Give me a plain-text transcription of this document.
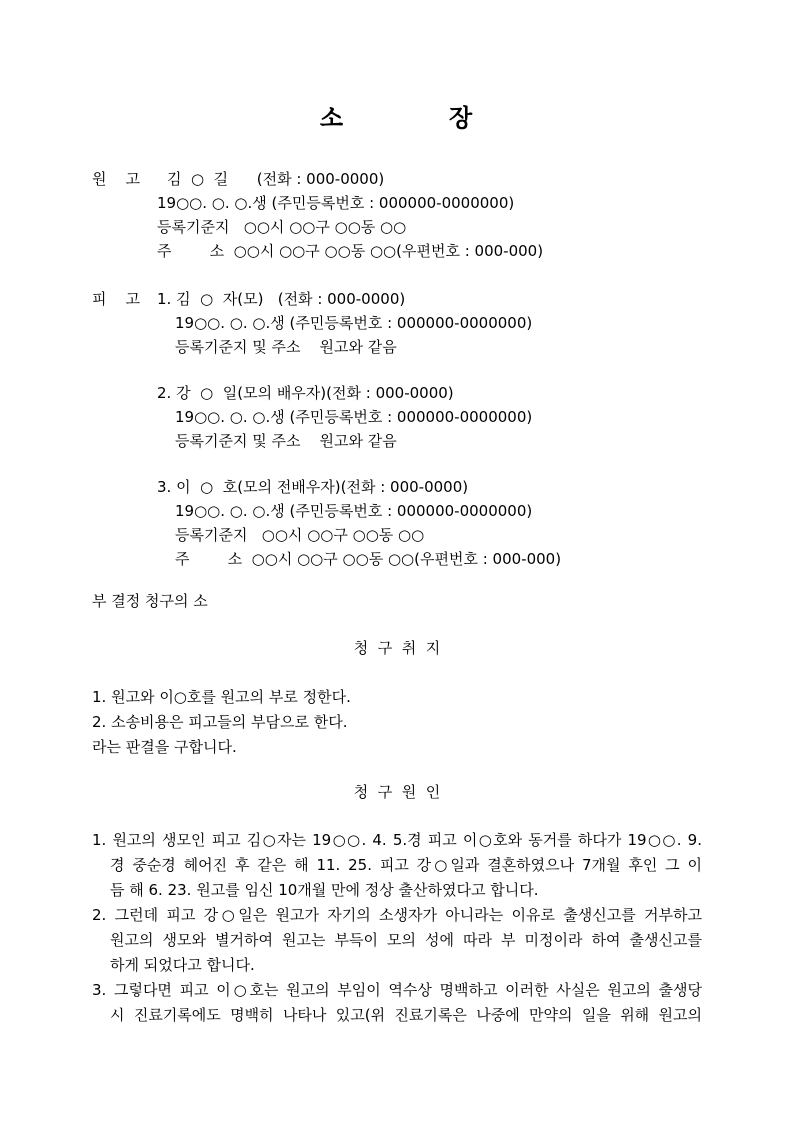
소　　　　장
원    고	김  ○  길      (전화 : 000-0000)
19○○. ○. ○.생 (주민등록번호 : 000000-0000000)
등록기준지   ○○시 ○○구 ○○동 ○○
주        소  ○○시 ○○구 ○○동 ○○(우편번호 : 000-000)
피    고	1. 김  ○  자(모)   (전화 : 000-0000)
19○○. ○. ○.생 (주민등록번호 : 000000-0000000)
등록기준지 및 주소    원고와 같음
2. 강  ○  일(모의 배우자)(전화 : 000-0000)
19○○. ○. ○.생 (주민등록번호 : 000000-0000000)
등록기준지 및 주소    원고와 같음
3. 이  ○  호(모의 전배우자)(전화 : 000-0000)
19○○. ○. ○.생 (주민등록번호 : 000000-0000000)
등록기준지   ○○시 ○○구 ○○동 ○○
주        소  ○○시 ○○구 ○○동 ○○(우편번호 : 000-000)
부 결정 청구의 소
청  구  취  지
1. 원고와 이○호를 원고의 부로 정한다.
2. 소송비용은 피고들의 부담으로 한다.
라는 판결을 구합니다.
청  구  원  인
1. 원고의 생모인 피고 김○자는 19○○. 4. 5.경 피고 이○호와 동거를 하다가 19○○. 9.
경 중순경 헤어진 후 같은 해 11. 25. 피고 강○일과 결혼하였으나 7개월 후인 그 이
듬 해 6. 23. 원고를 임신 10개월 만에 정상 출산하였다고 합니다.
2. 그런데 피고 강○일은 원고가 자기의 소생자가 아니라는 이유로 출생신고를 거부하고
원고의 생모와 별거하여 원고는 부득이 모의 성에 따라 부 미정이라 하여 출생신고를
하게 되었다고 합니다.
3. 그렇다면 피고 이○호는 원고의 부임이 역수상 명백하고 이러한 사실은 원고의 출생당
시 진료기록에도 명백히 나타나 있고(위 진료기록은 나중에 만약의 일을 위해 원고의
